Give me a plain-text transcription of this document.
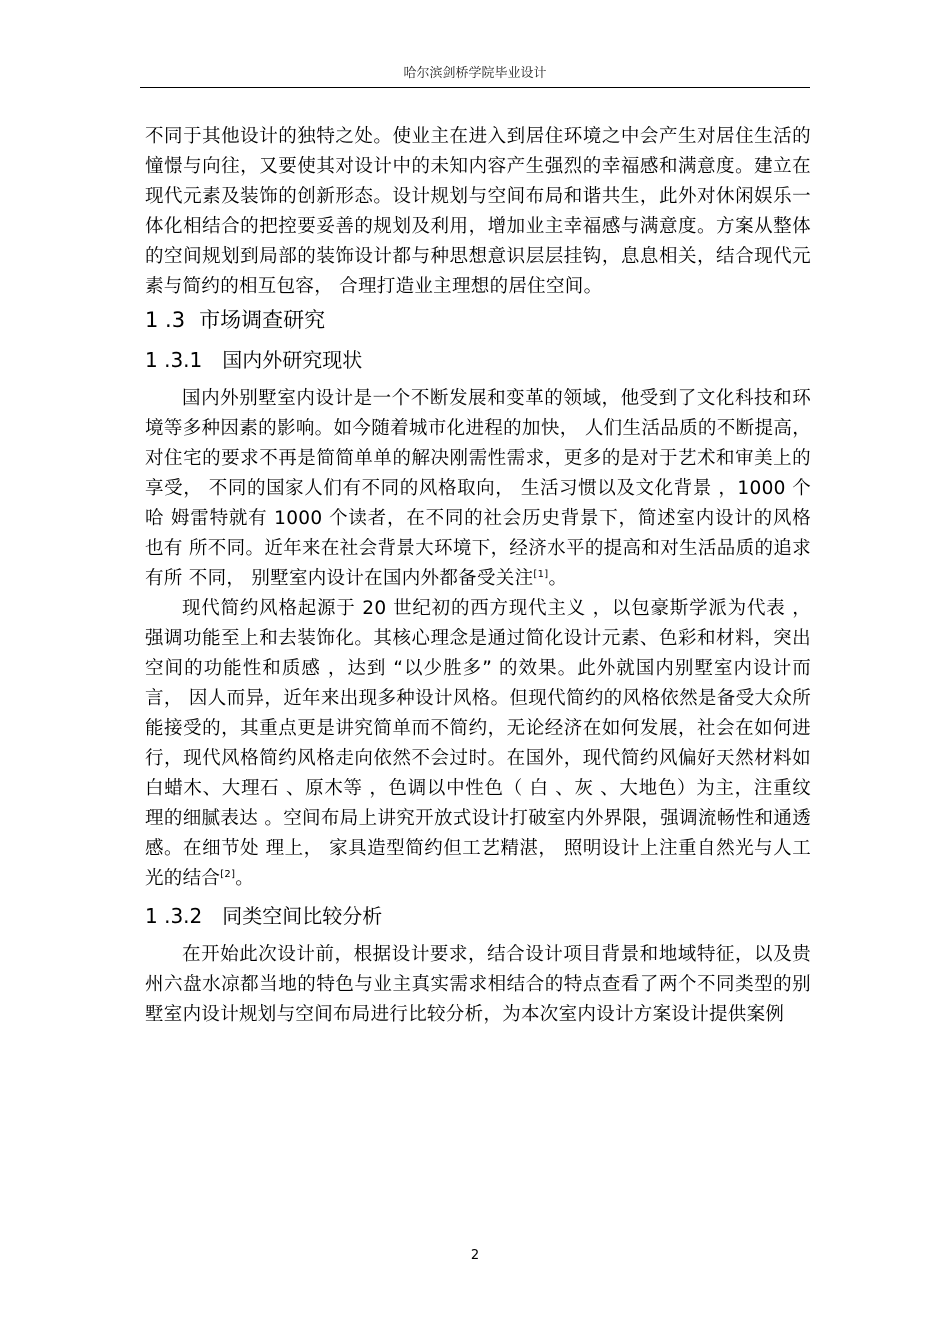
哈尔滨剑桥学院毕业设计

不同于其他设计的独特之处。使业主在进入到居住环境之中会产生对居住生活的憧憬与向往，又要使其对设计中的未知内容产生强烈的幸福感和满意度。建立在现代元素及装饰的创新形态。设计规划与空间布局和谐共生，此外对休闲娱乐一体化相结合的把控要妥善的规划及利用，增加业主幸福感与满意度。方案从整体的空间规划到局部的装饰设计都与种思想意识层层挂钩，息息相关，结合现代元素与简约的相互包容， 合理打造业主理想的居住空间。

1 .3 市场调查研究
1 .3.1 国内外研究现状

国内外别墅室内设计是一个不断发展和变革的领域，他受到了文化科技和环境等多种因素的影响。如今随着城市化进程的加快， 人们生活品质的不断提高， 对住宅的要求不再是简简单单的解决刚需性需求，更多的是对于艺术和审美上的 享受， 不同的国家人们有不同的风格取向， 生活习惯以及文化背景 ，1000 个哈 姆雷特就有 1000 个读者，在不同的社会历史背景下，简述室内设计的风格也有 所不同。近年来在社会背景大环境下，经济水平的提高和对生活品质的追求有所 不同， 别墅室内设计在国内外都备受关注[1]。

现代简约风格起源于 20 世纪初的西方现代主义 ，以包豪斯学派为代表 ，强调功能至上和去装饰化。其核心理念是通过简化设计元素、色彩和材料，突出空间的功能性和质感 ，达到 “以少胜多” 的效果。此外就国内别墅室内设计而言， 因人而异，近年来出现多种设计风格。但现代简约的风格依然是备受大众所能接受的，其重点更是讲究简单而不简约，无论经济在如何发展，社会在如何进行，现代风格简约风格走向依然不会过时。在国外，现代简约风偏好天然材料如白蜡木、大理石 、原木等 ，色调以中性色（ 白 、灰 、大地色）为主，注重纹理的细腻表达 。空间布局上讲究开放式设计打破室内外界限，强调流畅性和通透感。在细节处 理上， 家具造型简约但工艺精湛， 照明设计上注重自然光与人工光的结合[2]。

1 .3.2 同类空间比较分析

在开始此次设计前，根据设计要求，结合设计项目背景和地域特征，以及贵州六盘水凉都当地的特色与业主真实需求相结合的特点查看了两个不同类型的别墅室内设计规划与空间布局进行比较分析，为本次室内设计方案设计提供案例

2
